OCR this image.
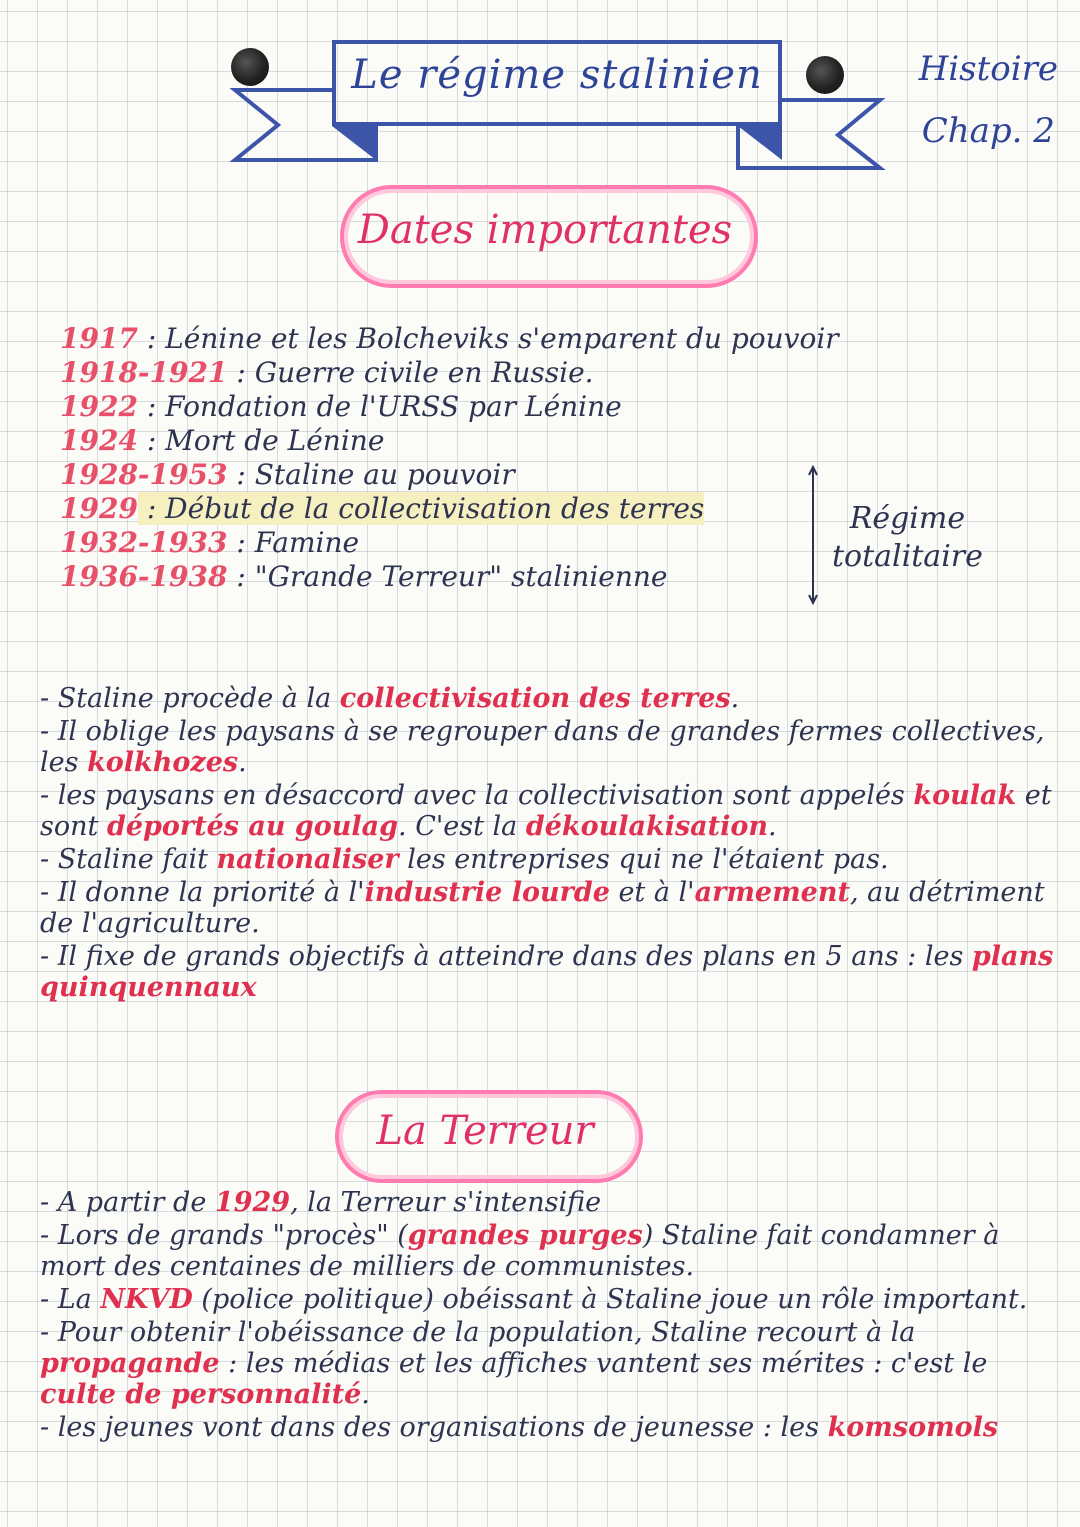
Le régime stalinien	Histoire
Chap. 2
Dates importantes
1917 : Lénine et les Bolcheviks s'emparent du pouvoir
1918-1921 : Guerre civile en Russie.
1922 : Fondation de l'URSS par Lénine
1924 : Mort de Lénine
1928-1953 : Staline au pouvoir
1929 : Début de la collectivisation des terres
1932-1933 : Famine
1936-1938 : "Grande Terreur" stalinienne
Régime
totalitaire
- Staline procède à la collectivisation des terres.
- Il oblige les paysans à se regrouper dans de grandes fermes collectives, les kolkhozes.
- les paysans en désaccord avec la collectivisation sont appelés koulak et sont déportés au goulag. C'est la dékoulakisation.
- Staline fait nationaliser les entreprises qui ne l'étaient pas.
- Il donne la priorité à l'industrie lourde et à l'armement, au détriment de l'agriculture.
- Il fixe de grands objectifs à atteindre dans des plans en 5 ans : les plans quinquennaux
La Terreur
- A partir de 1929, la Terreur s'intensifie
- Lors de grands "procès" (grandes purges) Staline fait condamner à mort des centaines de milliers de communistes.
- La NKVD (police politique) obéissant à Staline joue un rôle important.
- Pour obtenir l'obéissance de la population, Staline recourt à la propagande : les médias et les affiches vantent ses mérites : c'est le culte de personnalité.
- les jeunes vont dans des organisations de jeunesse : les komsomols
